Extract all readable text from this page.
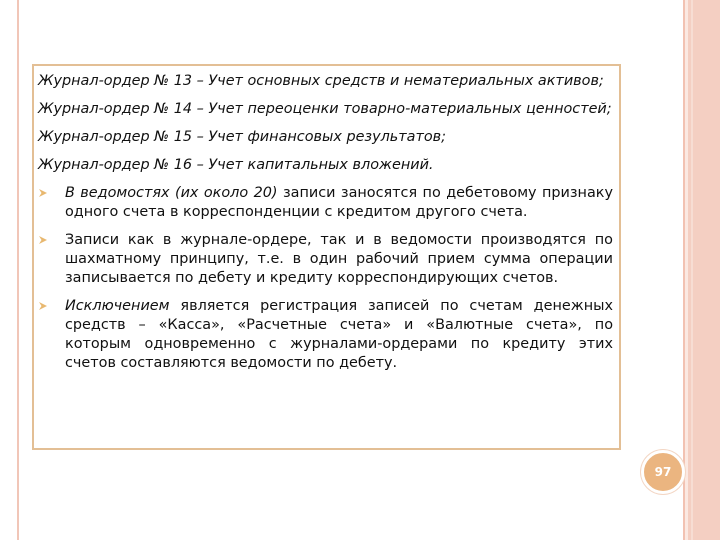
Журнал-ордер № 13 – Учет основных средств и нематериальных активов;

Журнал-ордер № 14 – Учет переоценки товарно-материальных ценностей;

Журнал-ордер № 15 – Учет финансовых результатов;

Журнал-ордер № 16 – Учет капитальных вложений.

В ведомостях (их около 20) записи заносятся по дебетовому признаку одного счета в корреспонденции с кредитом другого счета.
Записи как в журнале-ордере, так и в ведомости производятся по шахматному принципу, т.е. в один рабочий прием сумма операции записывается по дебету и кредиту корреспондирующих счетов.
Исключением является регистрация записей по счетам денежных средств – «Касса», «Расчетные счета» и «Валютные счета», по которым одновременно с журналами-ордерами по кредиту этих счетов составляются ведомости по дебету.
97
